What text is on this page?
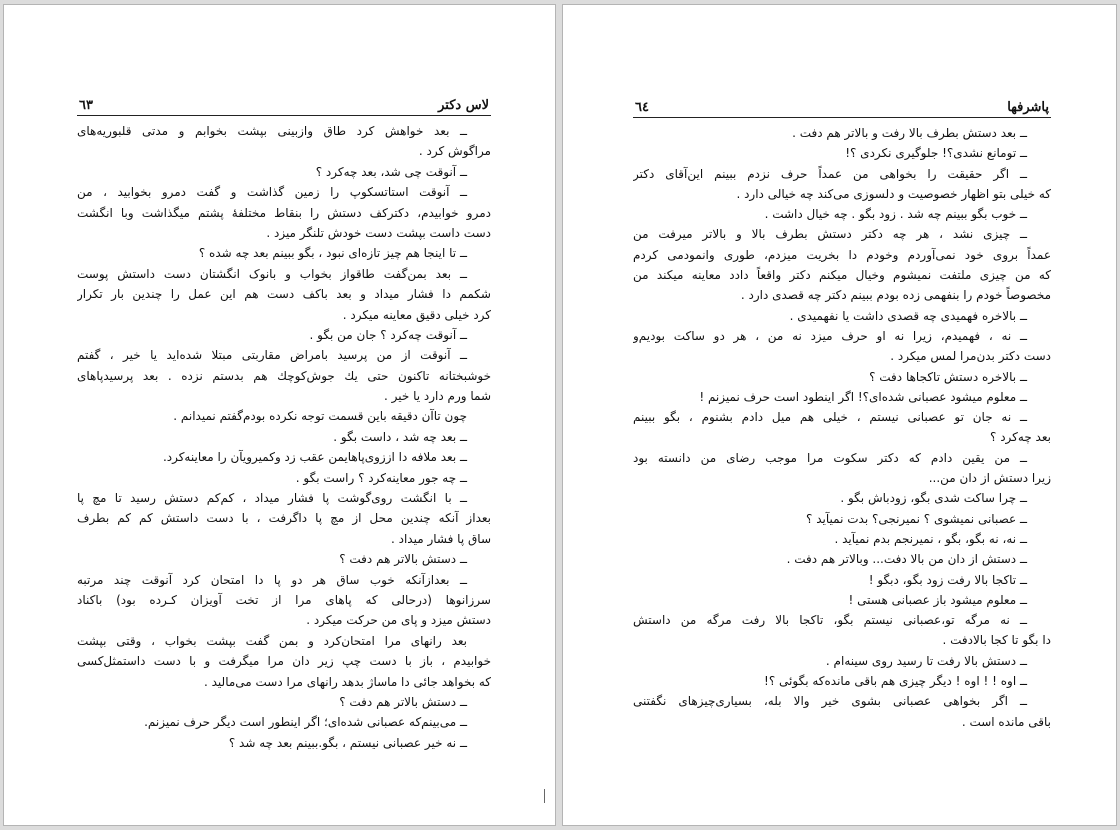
لاس دکتر
٦٣
ــ بعد خواهش کرد طاق وازبینی بپشت بخوابم و مدتی قلبوریه‌های
مراگوش کرد .
ــ آنوقت چی شد، بعد چه‌کرد ؟
ــ آنوقت استاتسکوپ را زمین گذاشت و گفت دمرو بخوابید ، من
دمرو خوابیدم، دکترکف دستش را بنقاط مختلفهٔ پشتم میگذاشت وبا انگشت
دست داست بپشت دست خودش تلنگر میزد .
ــ تا اینجا هم چیز تازه‌ای نبود ، بگو ببینم بعد چه شده ؟
ــ بعد بمن‌گفت طاقواز بخواب و بانوک انگشتان دست داستش پوست
شکمم دا فشار میداد و بعد باکف دست هم این عمل را چندین بار تکرار
کرد خیلی دقیق معاینه میکرد .
ــ آنوقت چه‌کرد ؟ جان من بگو .
ــ آنوقت از من پرسید بامراض مقاربتی مبتلا شده‌اید یا خیر ، گفتم
خوشبختانه تاکنون حتی یك جوش‌کوچك هم بدستم نزده . بعد پرسید‌پاهای
شما ورم دارد یا خیر .
چون تاآن دقیقه باین قسمت توجه نکرده بودم‌گفتم نمیدانم .
ــ بعد چه شد ، داست بگو .
ــ بعد ملافه دا اززوی‌پاهایمن عقب زد وکمیرویآن را معاینه‌کرد.
ــ چه جور معاینه‌کرد ؟ راست بگو .
ــ با انگشت روی‌گوشت پا فشار میداد ، کم‌کم دستش رسید تا مچ پا
بعداز آنکه چندین محل از مچ پا داگرفت ، با دست داستش کم کم بطرف
ساق پا فشار میداد .
ــ دستش بالاتر هم دفت ؟
ــ بعدازآنکه خوب ساق هر دو پا دا امتحان کرد آنوقت چند مرتبه
سرزانوها (درحالی که پاهای مرا از تخت آویزان کـرده بود) باکناد
دستش میزد و پای من حرکت میکرد .
بعد رانهای مرا امتحان‌کرد و بمن گفت بپشت بخواب ، وقتی بپشت
خوابیدم ، باز با دست چپ زیر دان مرا میگرفت و با دست داستمثل‌کسی
که بخواهد جائی دا ماساژ بدهد رانهای مرا دست می‌مالید .
ــ دستش بالاتر هم دفت ؟
ــ می‌بینم‌که عصبانی شده‌ای؛ اگر اینطور است دیگر حرف نمیزنم.
ــ نه خیر عصبانی نیستم ، بگو.ببینم بعد چه شد ؟
پاشرفها
٦٤
ــ بعد دستش بطرف بالا رفت و بالاتر هم دفت .
ــ تومانع نشدی؟! جلوگیری نکردی ؟!
ــ اگر حقیقت را بخواهی من عمداً حرف نزدم ببینم این‌آقای دکتر
که خیلی بتو اظهار خصوصیت و دلسوزی می‌کند چه خیالی دارد .
ــ خوب بگو ببینم چه شد . زود بگو . چه خیال داشت .
ــ چیزی نشد ، هر چه دکتر دستش بطرف بالا و بالاتر میرفت من
عمداً بروی خود نمی‌آوردم وخودم دا بخریت میزدم، طوری وانمودمی کردم
که من چیزی ملتفت نمیشوم وخیال میکنم دکتر واقعاً دادد معاینه میکند من
مخصوصاً خودم را بنفهمی زده بودم ببینم دکتر چه قصدی دارد .
ــ بالاخره فهمیدی چه قصدی داشت یا نفهمیدی .
ــ نه ، فهمیدم، زیرا نه او حرف میزد نه من ، هر دو ساکت بودیم‌و
دست دکتر بدن‌مرا لمس میکرد .
ــ بالاخره دستش تاکجاها دفت ؟
ــ معلوم میشود عصبانی شده‌ای؟! اگر اینطود است حرف نمیزنم !
ــ نه جان تو عصبانی نیستم ، خیلی هم میل دادم بشنوم ، بگو ببینم
بعد چه‌کرد ؟
ــ من یقین دادم که دکتر سکوت مرا موجب رضای من دانسته بود
زیرا دستش از دان من...
ــ چرا ساکت شدی بگو، زودباش بگو .
ــ عصبانی نمیشوی ؟ نمیرنجی؟ بدت نمیآید ؟
ــ نه، نه بگو، بگو ، نمیرنجم بدم نمیآید .
ــ دستش از دان من بالا دفت... وبالاتر هم دفت .
ــ تاکجا بالا رفت زود بگو، دبگو !
ــ معلوم میشود باز عصبانی هستی !
ــ نه مرگه تو،عصبانی نیستم بگو، تاکجا بالا رفت مرگه من داستش
دا بگو تا کجا بالادفت .
ــ دستش بالا رفت تا رسید روی سینه‌ام .
ــ اوه ! ! اوه ! دیگر چیزی هم باقی مانده‌که بگوئی ؟!
ــ اگر بخواهی عصبانی بشوی خیر والا بله، بسیاری‌چیزهای نگفتنی
باقی مانده است .
